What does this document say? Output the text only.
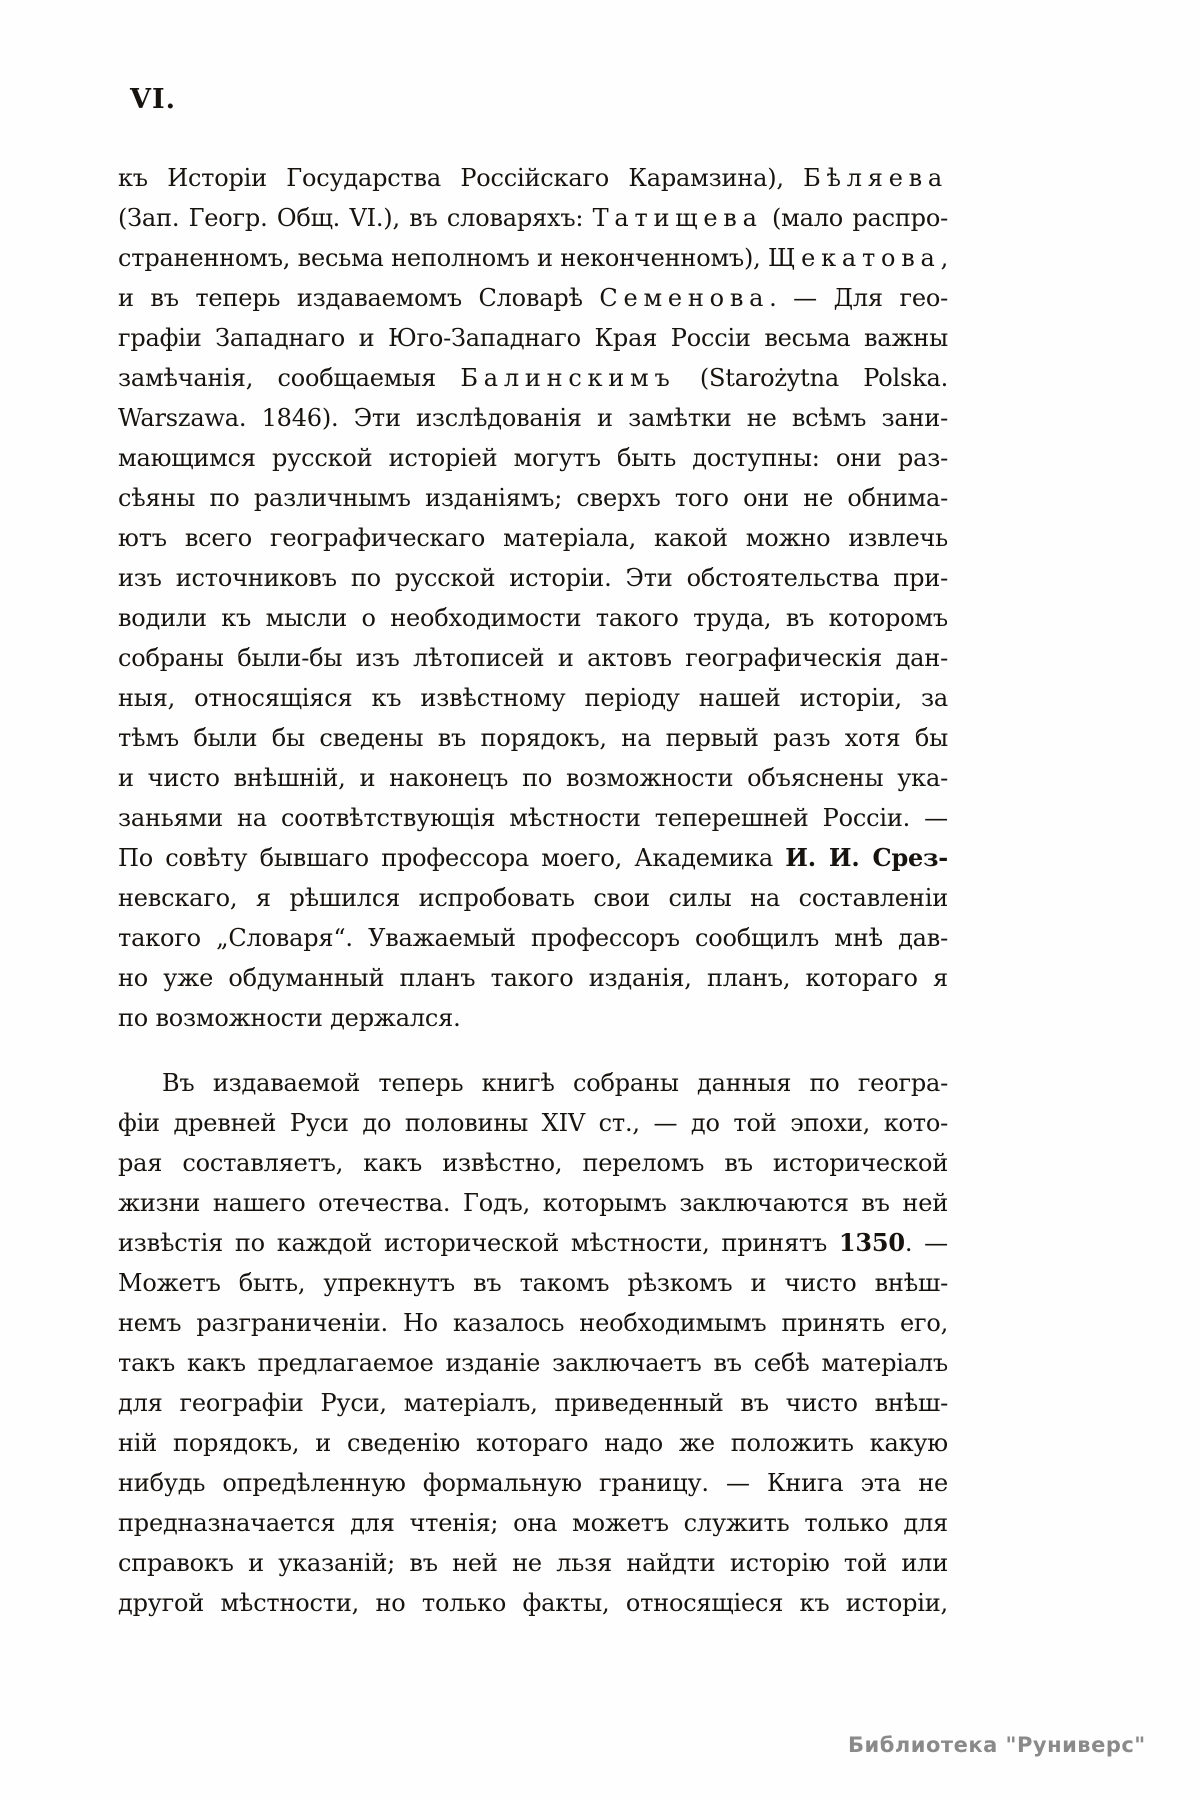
VI.
къ Исторіи Государства Россійскаго Карамзина), Бѣляева
(Зап. Геогр. Общ. VI.), въ словаряхъ: Татищева (мало распро-
страненномъ, весьма неполномъ и неконченномъ), Щекатова,
и въ теперь издаваемомъ Словарѣ Семенова. — Для гео-
графіи Западнаго и Юго-Западнаго Края Россіи весьма важны
замѣчанія, сообщаемыя Балинскимъ (Starożytna Polska.
Warszawa. 1846). Эти изслѣдованія и замѣтки не всѣмъ зани-
мающимся русской исторіей могутъ быть доступны: они раз-
сѣяны по различнымъ изданіямъ; сверхъ того они не обнима-
ютъ всего географическаго матеріала, какой можно извлечь
изъ источниковъ по русской исторіи. Эти обстоятельства при-
водили къ мысли о необходимости такого труда, въ которомъ
собраны были-бы изъ лѣтописей и актовъ географическія дан-
ныя, относящіяся къ извѣстному періоду нашей исторіи, за
тѣмъ были бы сведены въ порядокъ, на первый разъ хотя бы
и чисто внѣшній, и наконецъ по возможности объяснены ука-
заньями на соотвѣтствующія мѣстности теперешней Россіи. —
По совѣту бывшаго профессора моего, Академика И. И. Срез-
невскаго, я рѣшился испробовать свои силы на составленіи
такого „Словаря“. Уважаемый профессоръ сообщилъ мнѣ дав-
но уже обдуманный планъ такого изданія, планъ, котораго я
по возможности держался.
Въ издаваемой теперь книгѣ собраны данныя по геогра-
фіи древней Руси до половины XIV ст., — до той эпохи, кото-
рая составляетъ, какъ извѣстно, переломъ въ исторической
жизни нашего отечества. Годъ, которымъ заключаются въ ней
извѣстія по каждой исторической мѣстности, принятъ 1350. —
Можетъ быть, упрекнутъ въ такомъ рѣзкомъ и чисто внѣш-
немъ разграниченіи. Но казалось необходимымъ принять его,
такъ какъ предлагаемое изданіе заключаетъ въ себѣ матеріалъ
для географіи Руси, матеріалъ, приведенный въ чисто внѣш-
ній порядокъ, и сведенію котораго надо же положить какую
нибудь опредѣленную формальную границу. — Книга эта не
предназначается для чтенія; она можетъ служить только для
справокъ и указаній; въ ней не льзя найдти исторію той или
другой мѣстности, но только факты, относящіеся къ исторіи,
Библиотека "Руниверс"
